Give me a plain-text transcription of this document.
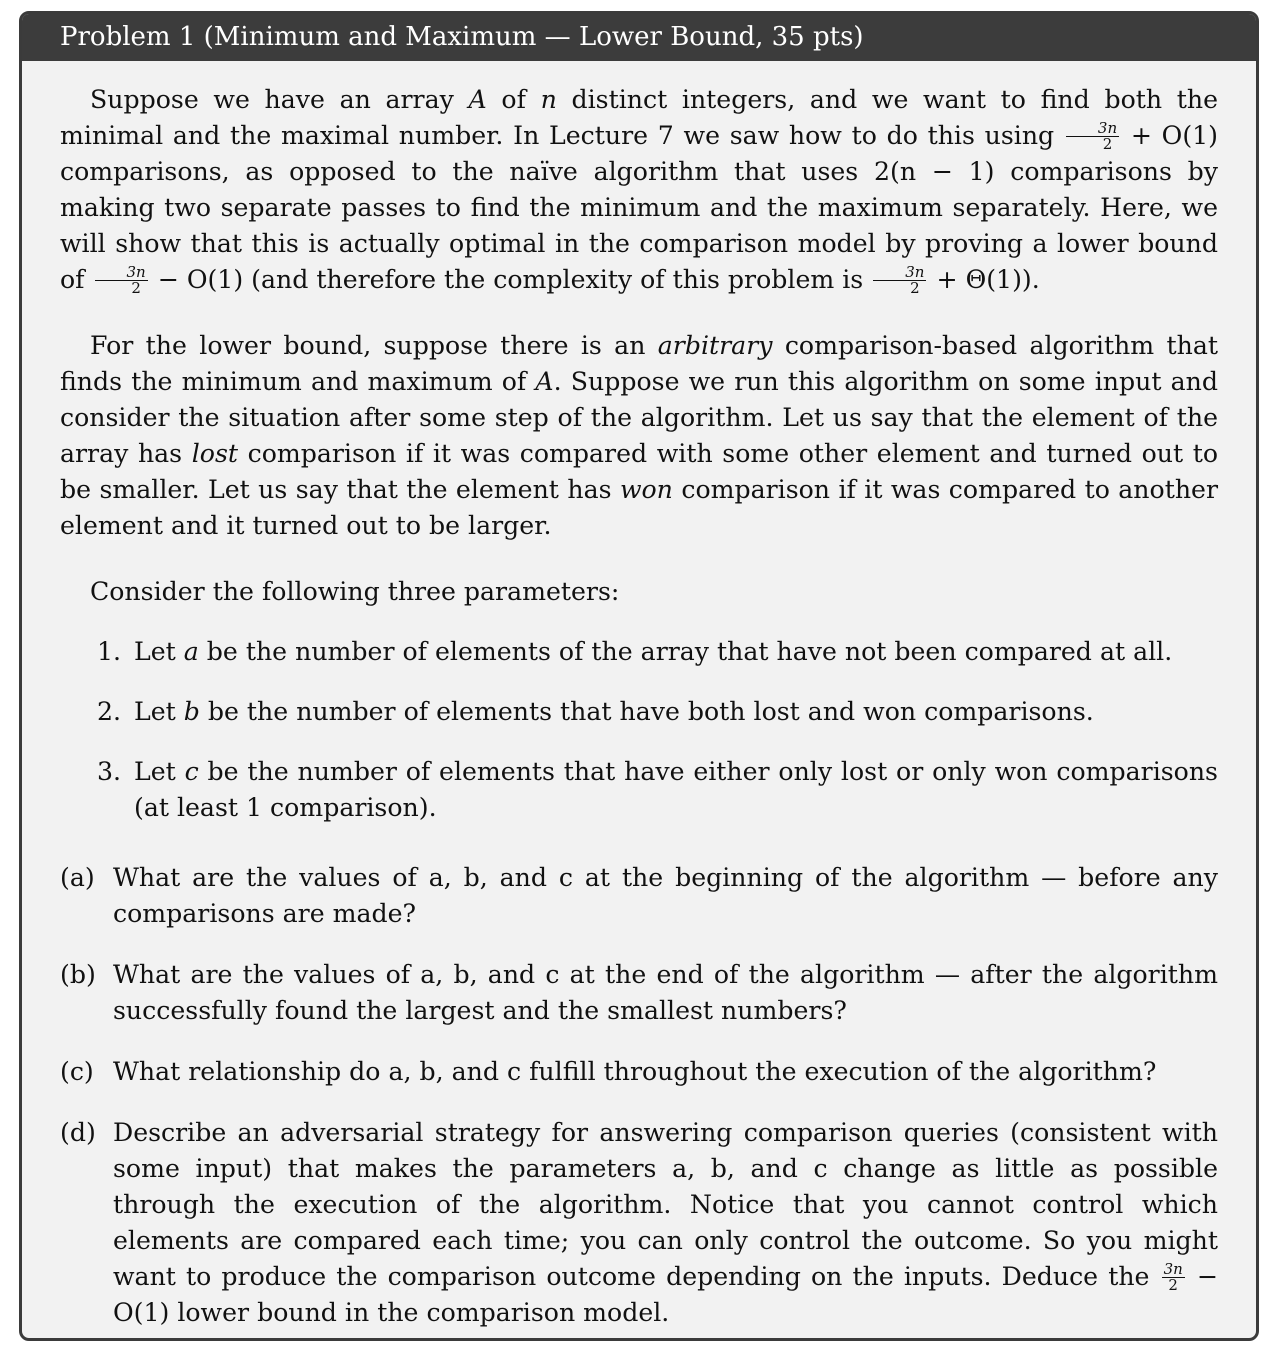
Problem 1 (Minimum and Maximum — Lower Bound, 35 pts)

Suppose we have an array A of n distinct integers, and we want to find both the minimal and the maximal number. In Lecture 7 we saw how to do this using $\frac{3n}{2} + O(1)$ comparisons, as opposed to the naïve algorithm that uses 2(n − 1) comparisons by making two separate passes to find the minimum and the maximum separately. Here, we will show that this is actually optimal in the comparison model by proving a lower bound of $\frac{3n}{2} - O(1)$ (and therefore the complexity of this problem is $\frac{3n}{2} + \Theta(1)$).

For the lower bound, suppose there is an arbitrary comparison-based algorithm that finds the minimum and maximum of A. Suppose we run this algorithm on some input and consider the situation after some step of the algorithm. Let us say that the element of the array has lost comparison if it was compared with some other element and turned out to be smaller. Let us say that the element has won comparison if it was compared to another element and it turned out to be larger.

Consider the following three parameters:

1. Let a be the number of elements of the array that have not been compared at all.
2. Let b be the number of elements that have both lost and won comparisons.
3. Let c be the number of elements that have either only lost or only won comparisons (at least 1 comparison).
(a) What are the values of a, b, and c at the beginning of the algorithm — before any comparisons are made?
(b) What are the values of a, b, and c at the end of the algorithm — after the algorithm successfully found the largest and the smallest numbers?
(c) What relationship do a, b, and c fulfill throughout the execution of the algorithm?
(d) Describe an adversarial strategy for answering comparison queries (consistent with some input) that makes the parameters a, b, and c change as little as possible through the execution of the algorithm. Notice that you cannot control which elements are compared each time; you can only control the outcome. So you might want to produce the comparison outcome depending on the inputs. Deduce the $\frac{3n}{2} - O(1)$ lower bound in the comparison model.
